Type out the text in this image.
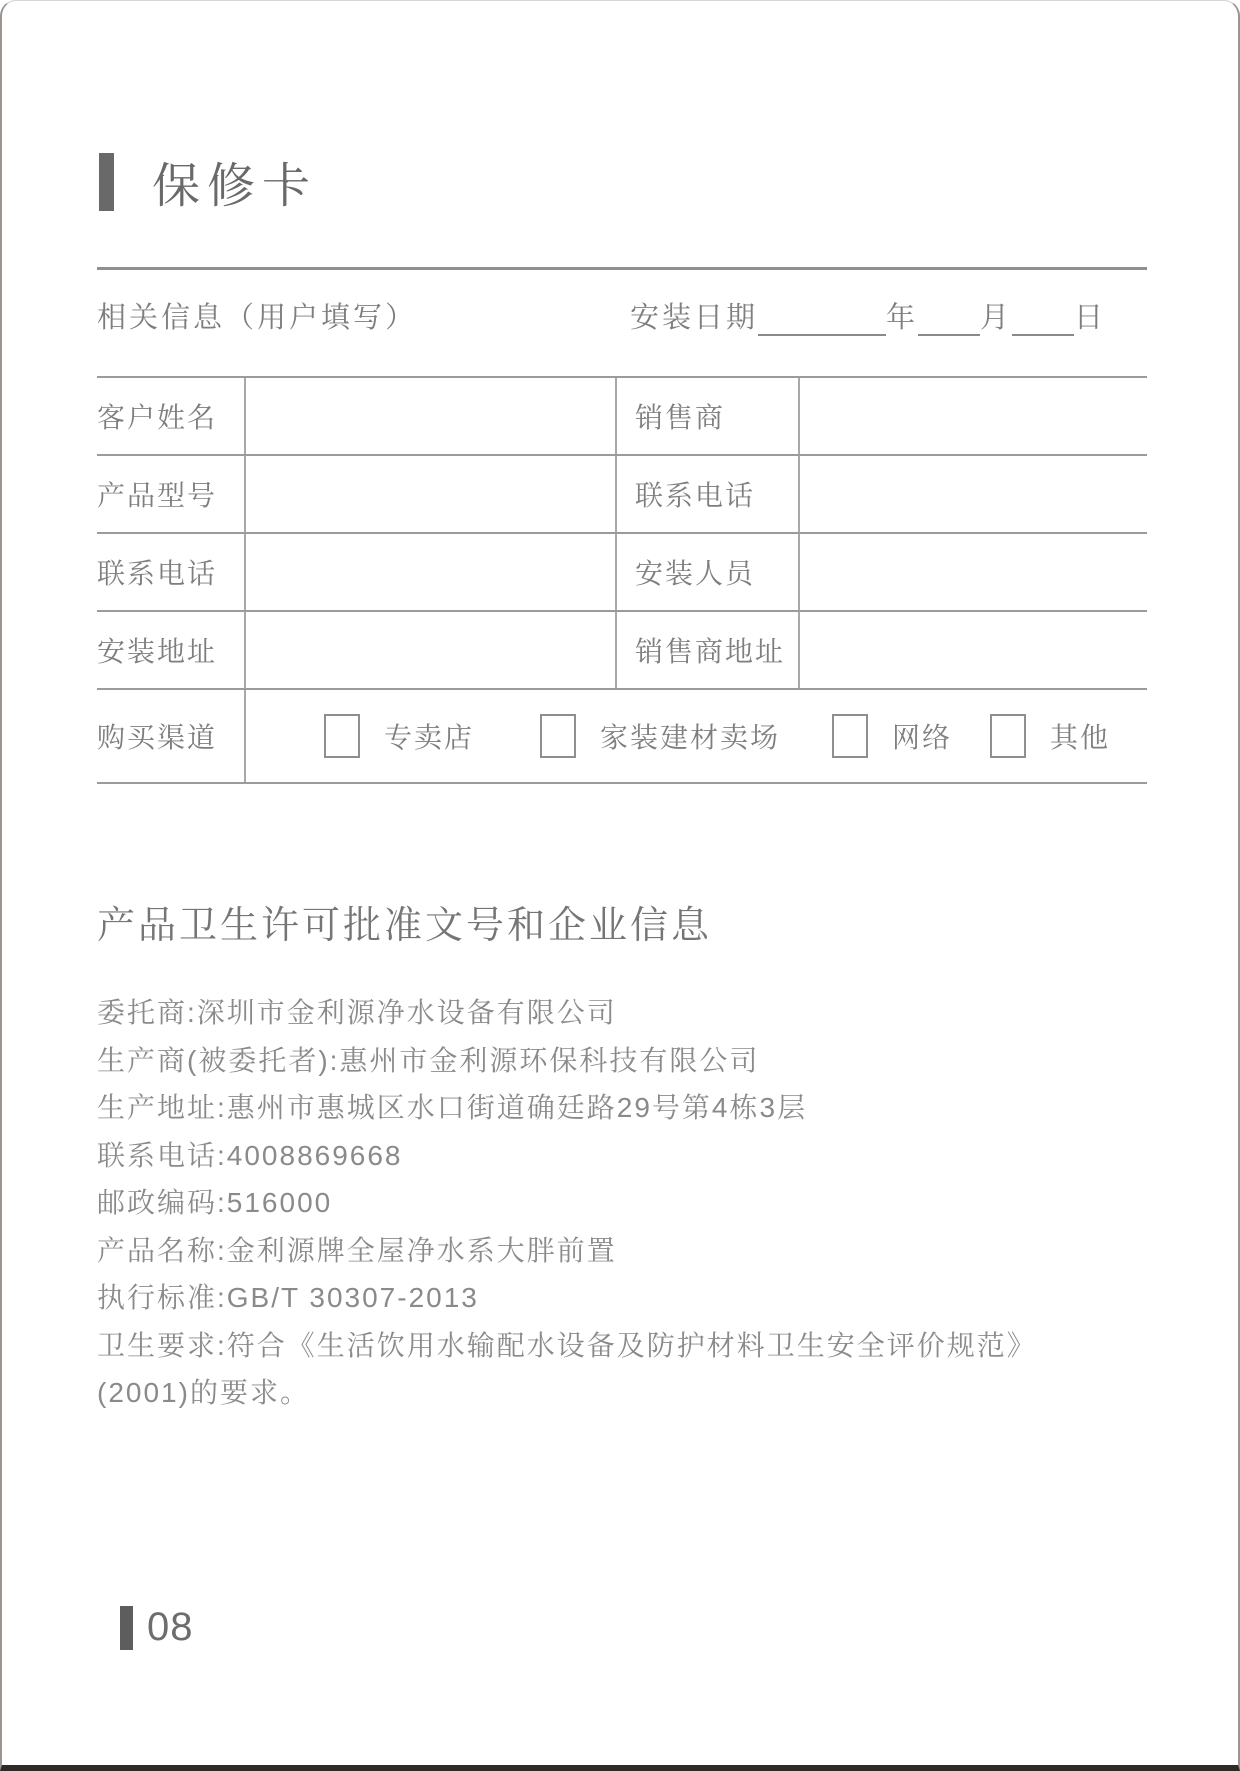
保修卡
相关信息（用户填写）	安装日期	年 月 日
客户姓名	销售商
产品型号	联系电话
联系电话	安装人员
安装地址	销售商地址
购买渠道	专卖店	家装建材卖场	网络	其他
产品卫生许可批准文号和企业信息
委托商:深圳市金利源净水设备有限公司
生产商(被委托者):惠州市金利源环保科技有限公司
生产地址:惠州市惠城区水口街道确廷路29号第4栋3层
联系电话:4008869668
邮政编码:516000
产品名称:金利源牌全屋净水系大胖前置
执行标准:GB/T 30307-2013
卫生要求:符合《生活饮用水输配水设备及防护材料卫生安全评价规范》
(2001)的要求。
08
